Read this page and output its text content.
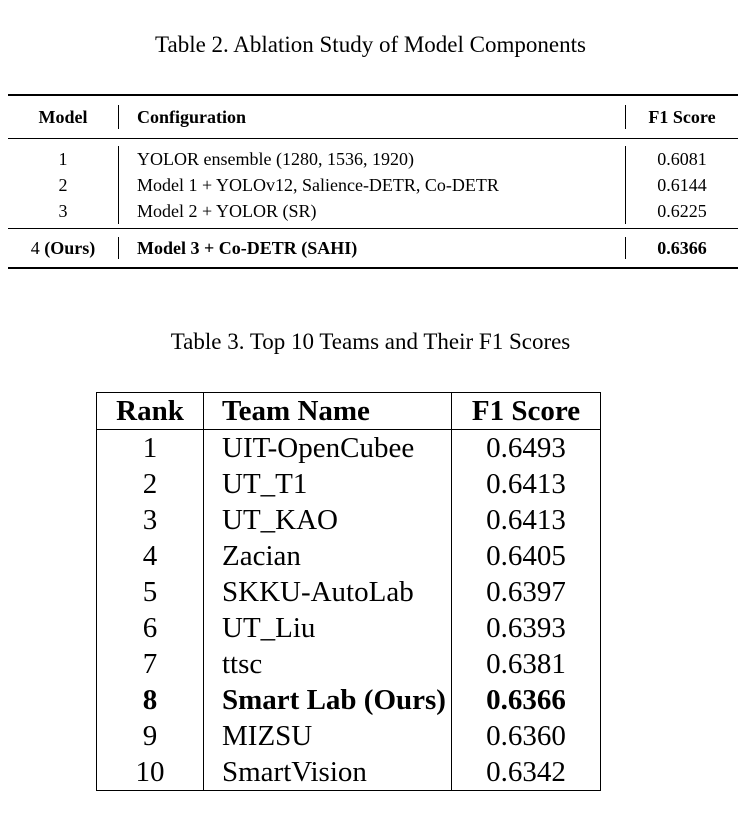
Table 2. Ablation Study of Model Components
Model	Configuration	F1 Score
1	YOLOR ensemble (1280, 1536, 1920)	0.6081
2	Model 1 + YOLOv12, Salience-DETR, Co-DETR	0.6144
3	Model 2 + YOLOR (SR)	0.6225
4 (Ours)	Model 3 + Co-DETR (SAHI)	0.6366
Table 3. Top 10 Teams and Their F1 Scores
Rank	Team Name	F1 Score
1	UIT-OpenCubee	0.6493
2	UT_T1	0.6413
3	UT_KAO	0.6413
4	Zacian	0.6405
5	SKKU-AutoLab	0.6397
6	UT_Liu	0.6393
7	ttsc	0.6381
8	Smart Lab (Ours)	0.6366
9	MIZSU	0.6360
10	SmartVision	0.6342
